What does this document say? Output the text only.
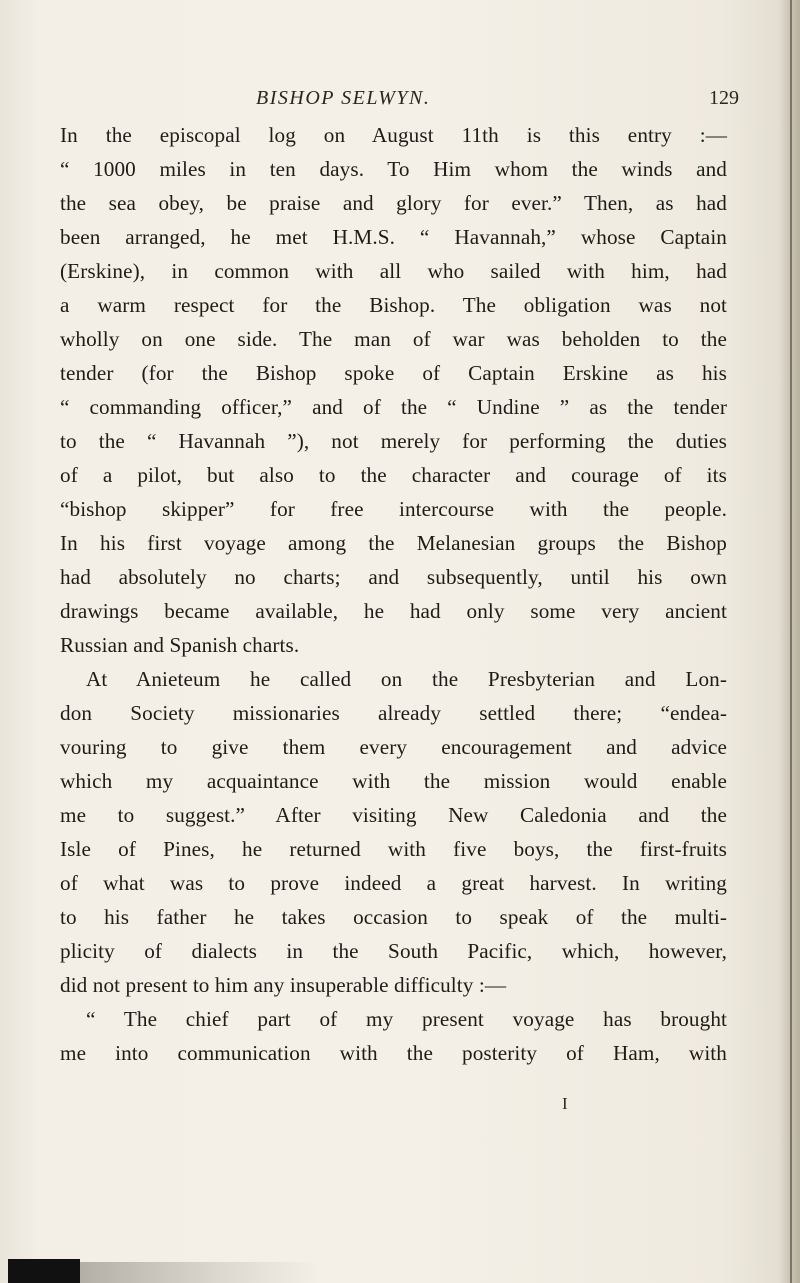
BISHOP SELWYN.	129
In the episcopal log on August 11th is this entry :—
“ 1000 miles in ten days. To Him whom the winds and
the sea obey, be praise and glory for ever.” Then, as had
been arranged, he met H.M.S. “ Havannah,” whose Captain
(Erskine), in common with all who sailed with him, had
a warm respect for the Bishop. The obligation was not
wholly on one side. The man of war was beholden to the
tender (for the Bishop spoke of Captain Erskine as his
“ commanding officer,” and of the “ Undine ” as the tender
to the “ Havannah ”), not merely for performing the duties
of a pilot, but also to the character and courage of its
“bishop skipper” for free intercourse with the people.
In his first voyage among the Melanesian groups the Bishop
had absolutely no charts; and subsequently, until his own
drawings became available, he had only some very ancient
Russian and Spanish charts.
At Anieteum he called on the Presbyterian and Lon-
don Society missionaries already settled there; “endea-
vouring to give them every encouragement and advice
which my acquaintance with the mission would enable
me to suggest.” After visiting New Caledonia and the
Isle of Pines, he returned with five boys, the first-fruits
of what was to prove indeed a great harvest. In writing
to his father he takes occasion to speak of the multi-
plicity of dialects in the South Pacific, which, however,
did not present to him any insuperable difficulty :—
“ The chief part of my present voyage has brought
me into communication with the posterity of Ham, with
I
